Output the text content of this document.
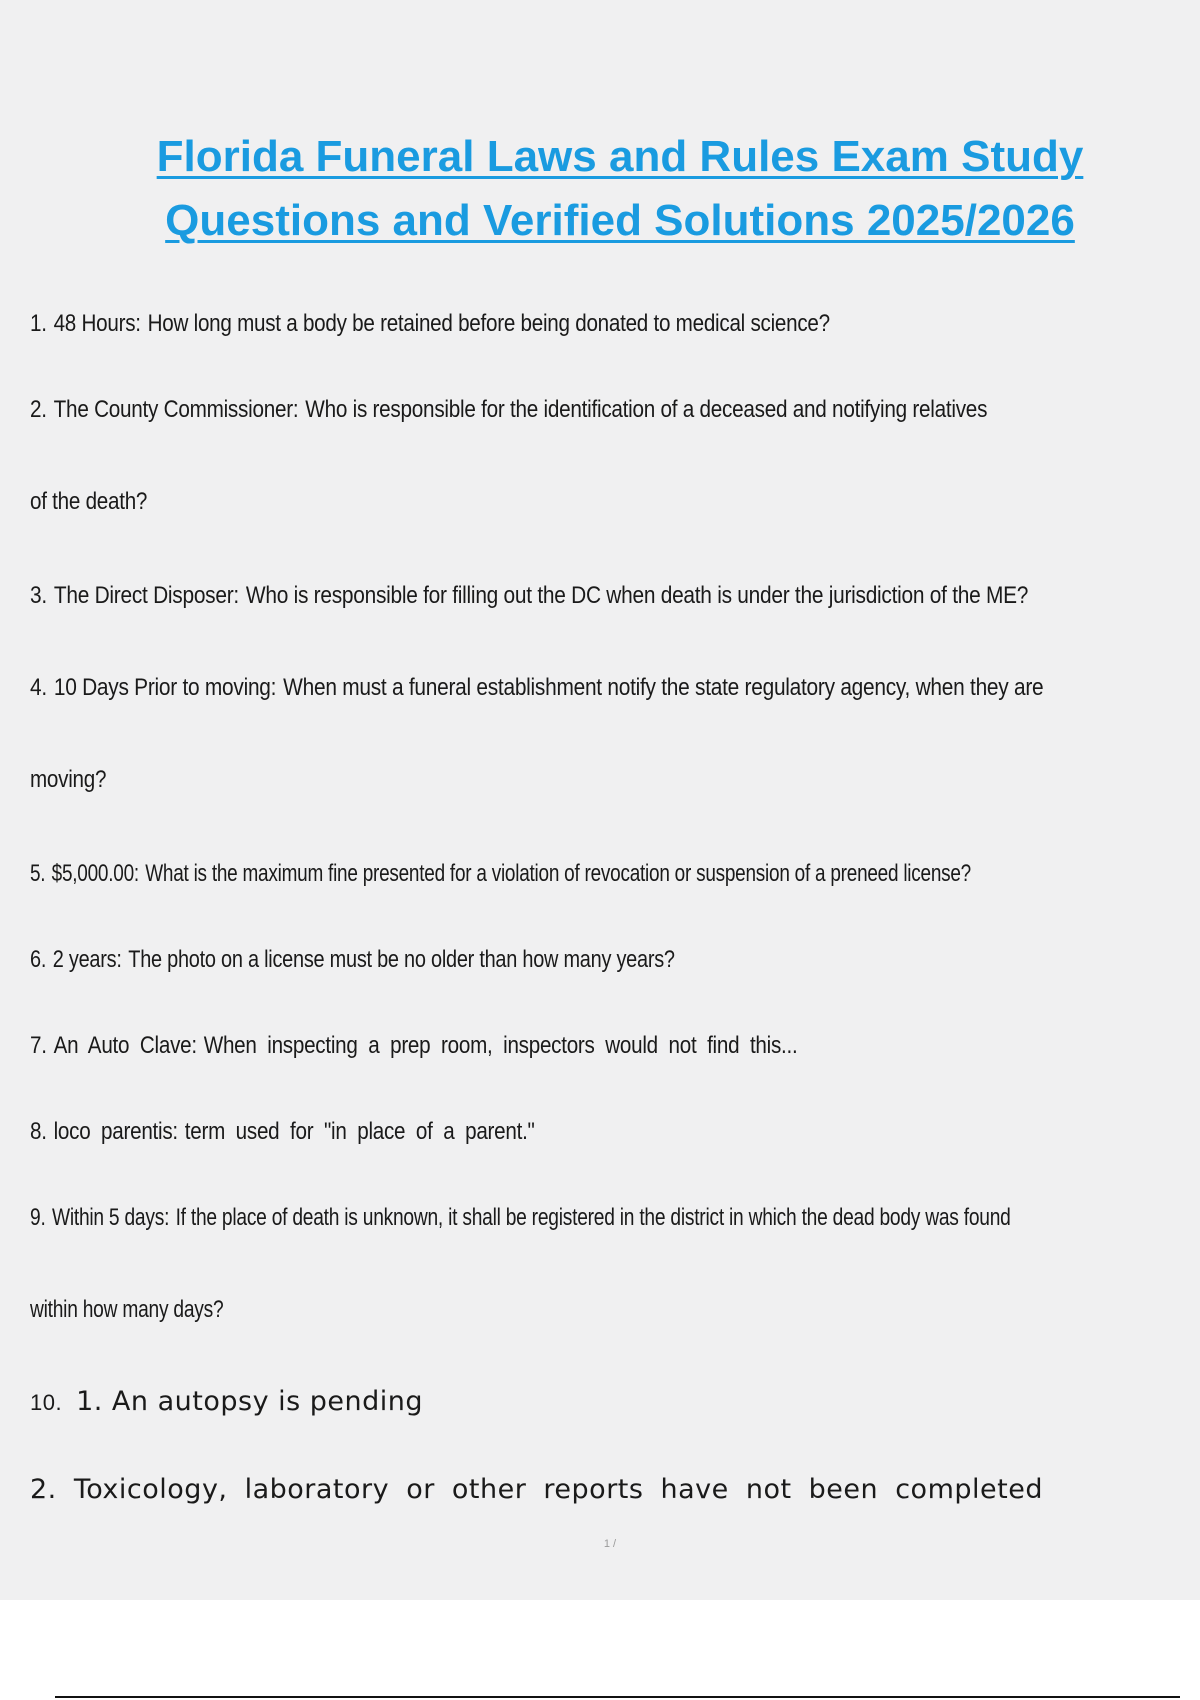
Florida Funeral Laws and Rules Exam Study
Questions and Verified Solutions 2025/2026
1. 48 Hours: How long must a body be retained before being donated to medical science?
2. The County Commissioner: Who is responsible for the identification of a deceased and notifying relatives
of the death?
3. The Direct Disposer: Who is responsible for filling out the DC when death is under the jurisdiction of the ME?
4. 10 Days Prior to moving: When must a funeral establishment notify the state regulatory agency, when they are
moving?
5. $5,000.00: What is the maximum fine presented for a violation of revocation or suspension of a preneed license?
6. 2 years: The photo on a license must be no older than how many years?
7. An Auto Clave: When inspecting a prep room, inspectors would not find this...
8. loco parentis: term used for "in place of a parent."
9. Within 5 days: If the place of death is unknown, it shall be registered in the district in which the dead body was found
within how many days?
10. 1. An autopsy is pending
2. Toxicology, laboratory or other reports have not been completed
1 /
